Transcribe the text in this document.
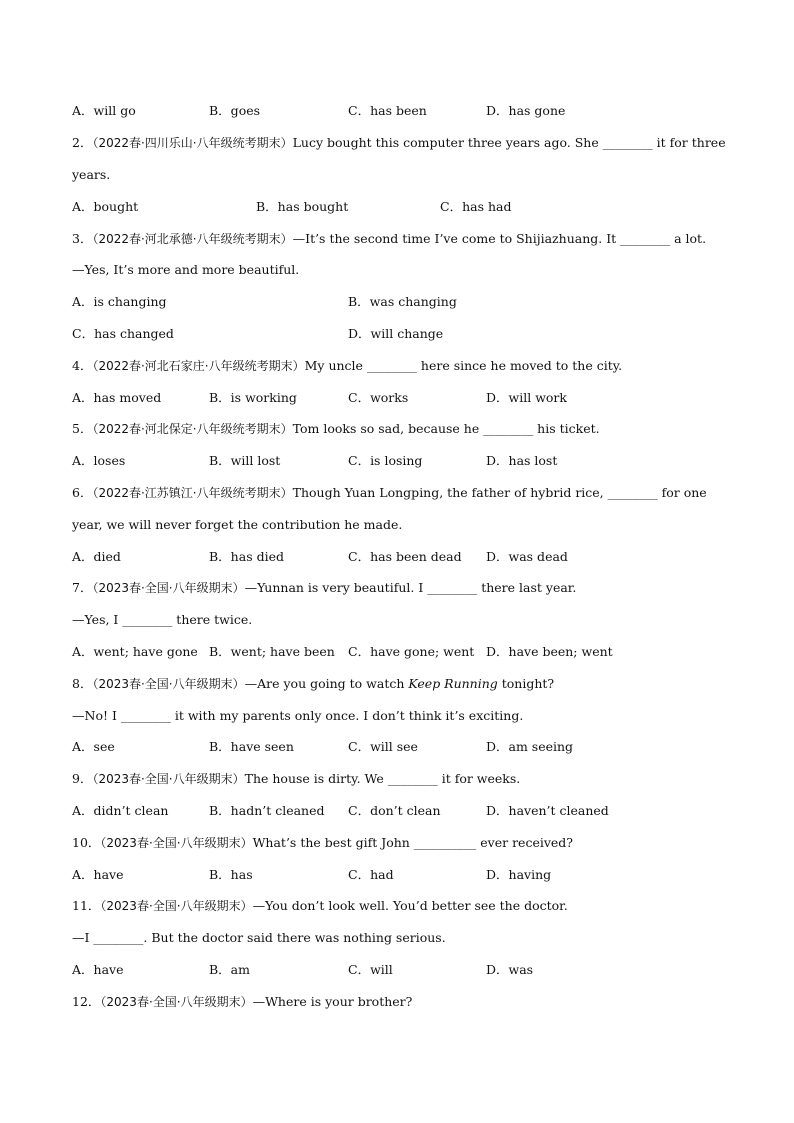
A．will go	B．goes	C．has been	D．has gone
2．（2022春·四川乐山·八年级统考期末）Lucy bought this computer three years ago. She ________ it for three
years.
A．bought	B．has bought	C．has had
3．（2022春·河北承德·八年级统考期末）—It’s the second time I’ve come to Shijiazhuang. It ________ a lot.
—Yes, It’s more and more beautiful.
A．is changing	B．was changing
C．has changed	D．will change
4．（2022春·河北石家庄·八年级统考期末）My uncle ________ here since he moved to the city.
A．has moved	B．is working	C．works	D．will work
5．（2022春·河北保定·八年级统考期末）Tom looks so sad, because he ________ his ticket.
A．loses	B．will lost	C．is losing	D．has lost
6．（2022春·江苏镇江·八年级统考期末）Though Yuan Longping, the father of hybrid rice, ________ for one
year, we will never forget the contribution he made.
A．died	B．has died	C．has been dead D．was dead
7．（2023春·全国·八年级期末）—Yunnan is very beautiful. I ________ there last year.
—Yes, I ________ there twice.
A．went; have gone B．went; have been C．have gone; went D．have been; went
8．（2023春·全国·八年级期末）—Are you going to watch Keep Running tonight?
—No! I ________ it with my parents only once. I don’t think it’s exciting.
A．see	B．have seen	C．will see	D．am seeing
9．（2023春·全国·八年级期末）The house is dirty. We ________ it for weeks.
A．didn’t clean	B．hadn’t cleaned C．don’t clean	D．haven’t cleaned
10．（2023春·全国·八年级期末）What’s the best gift John __________ ever received?
A．have	B．has	C．had	D．having
11．（2023春·全国·八年级期末）—You don’t look well. You’d better see the doctor.
—I ________. But the doctor said there was nothing serious.
A．have	B．am	C．will	D．was
12．（2023春·全国·八年级期末）—Where is your brother?
